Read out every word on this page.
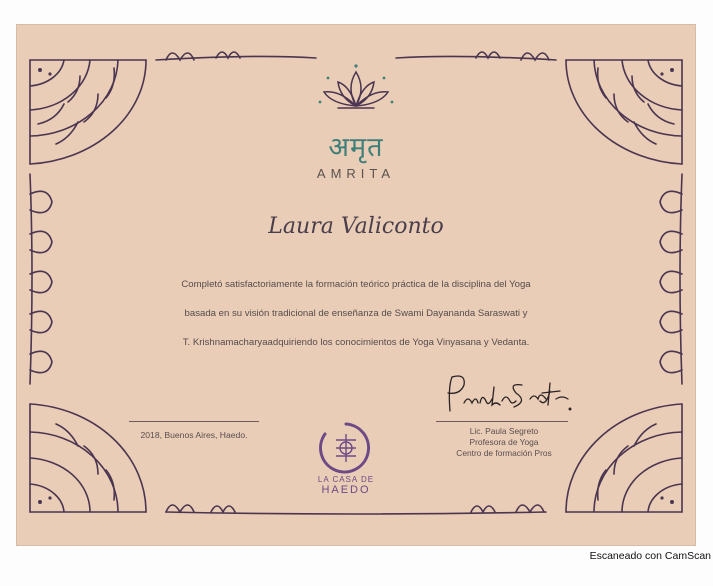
अमृत
AMRITA
Laura Valiconto
Completó satisfactoriamente la formación teórico práctica de la disciplina del Yoga
basada en su visión tradicional de enseñanza de Swami Dayananda Saraswati y
T. Krishnamacharyaadquiriendo los conocimientos de Yoga Vinyasana y Vedanta.
2018, Buenos Aires, Haedo.	Lic. Paula Segreto
Profesora de Yoga
Centro de formación Pros
LA CASA DE
HAEDO
Escaneado con CamScan
